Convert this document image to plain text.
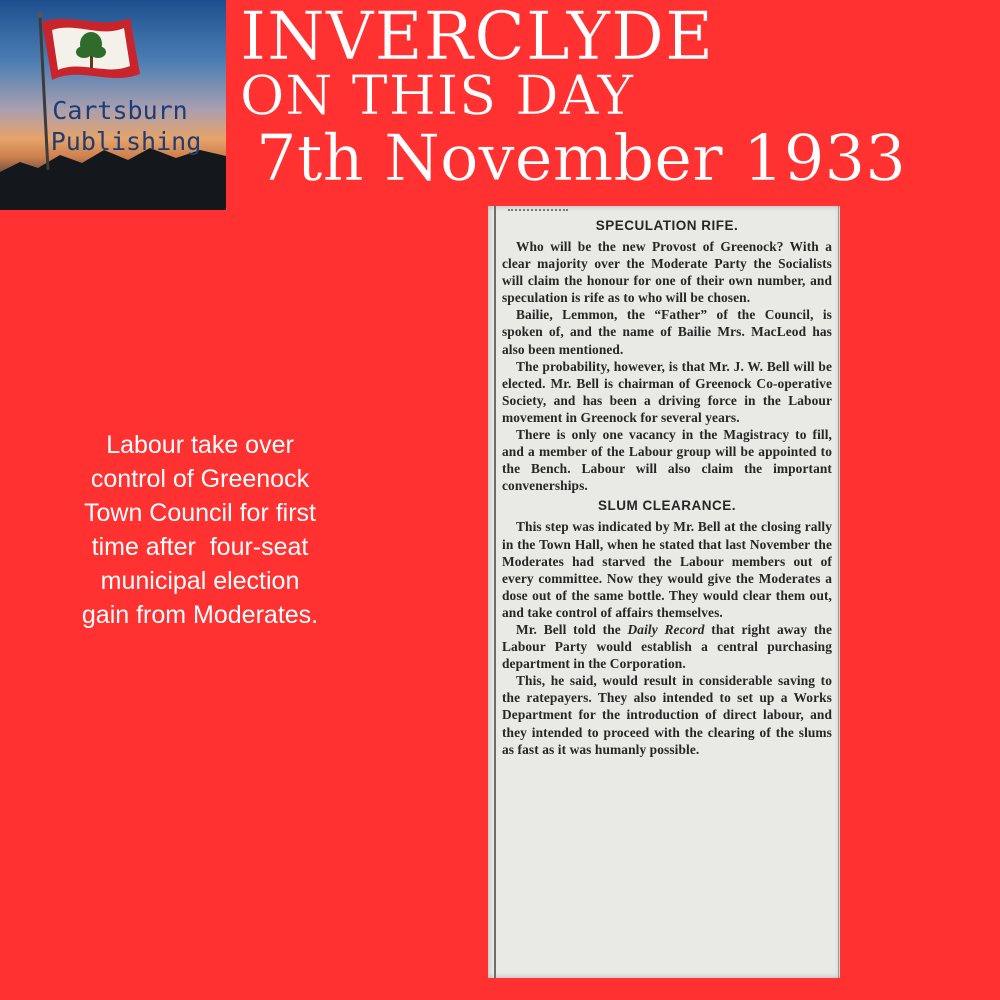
Cartsburn
Publishing
INVERCLYDE
ON THIS DAY
7th November 1933
Labour take over
control of Greenock
Town Council for first
time after  four-seat
municipal election
gain from Moderates.

SPECULATION RIFE.

Who will be the new Provost of Greenock? With a clear majority over the Moderate Party the Socialists will claim the honour for one of their own number, and speculation is rife as to who will be chosen.

Bailie, Lemmon, the “Father” of the Council, is spoken of, and the name of Bailie Mrs. MacLeod has also been mentioned.

The probability, however, is that Mr. J. W. Bell will be elected. Mr. Bell is chairman of Greenock Co-operative Society, and has been a driving force in the Labour movement in Greenock for several years.

There is only one vacancy in the Magistracy to fill, and a member of the Labour group will be appointed to the Bench. Labour will also claim the important convenerships.

SLUM CLEARANCE.

This step was indicated by Mr. Bell at the closing rally in the Town Hall, when he stated that last November the Moderates had starved the Labour members out of every committee. Now they would give the Moderates a dose out of the same bottle. They would clear them out, and take control of affairs themselves.

Mr. Bell told the Daily Record that right away the Labour Party would establish a central purchasing department in the Corporation.

This, he said, would result in considerable saving to the ratepayers. They also intended to set up a Works Department for the introduction of direct labour, and they intended to proceed with the clearing of the slums as fast as it was humanly possible.
